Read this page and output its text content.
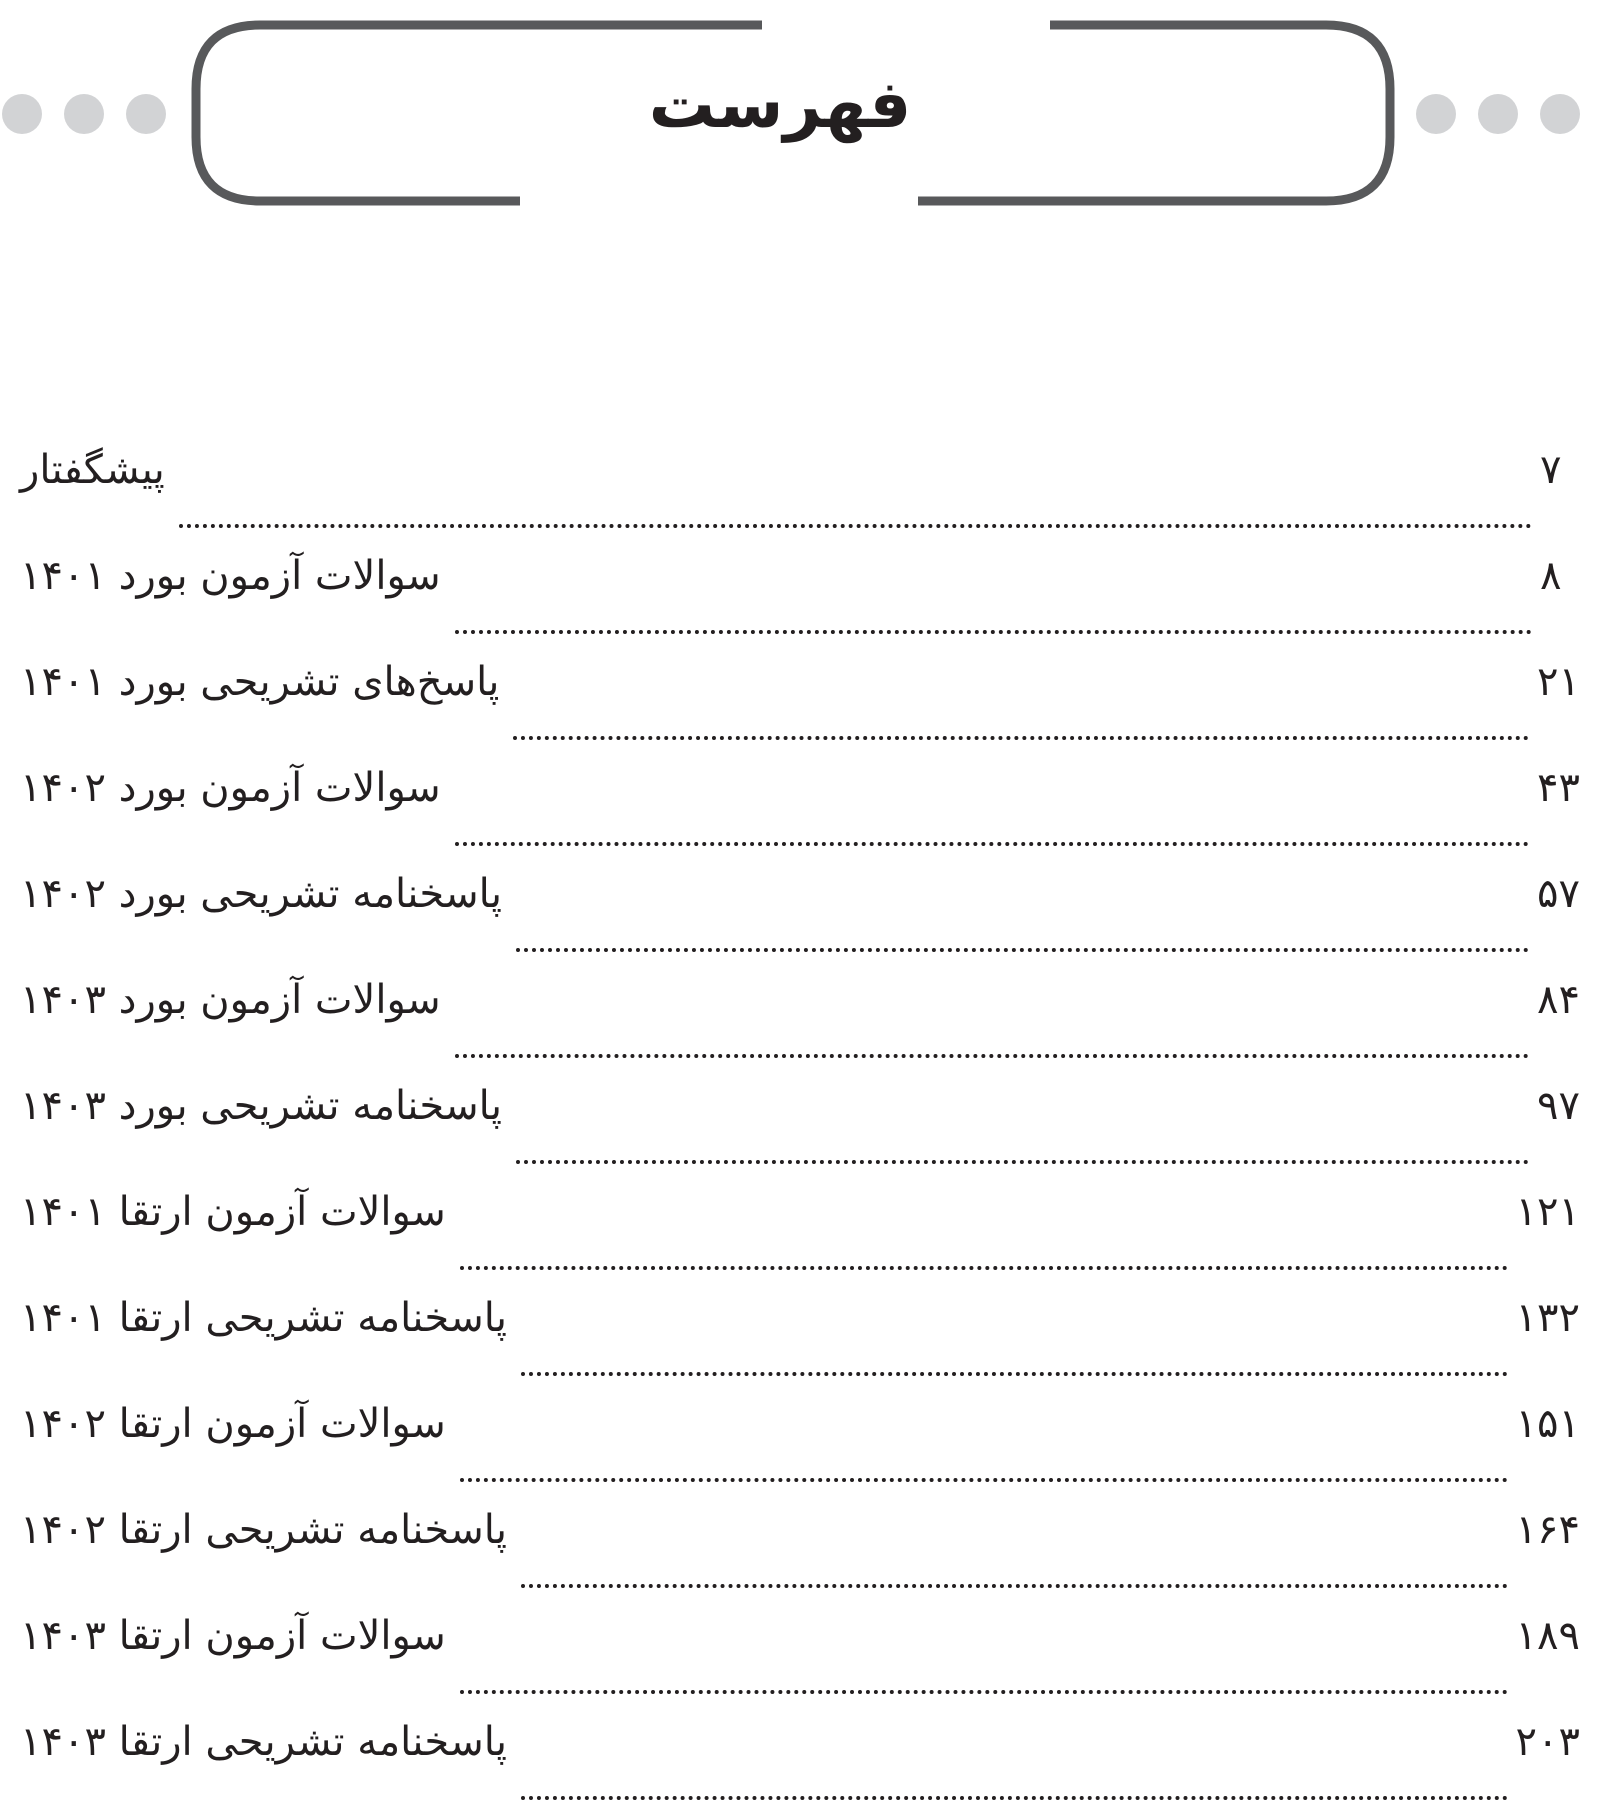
فهرست
پیشگفتار	۷
سوالات آزمون بورد ۱۴۰۱	۸
پاسخ‌های تشریحی بورد ۱۴۰۱	۲۱
سوالات آزمون بورد ۱۴۰۲	۴۳
پاسخنامه تشریحی بورد ۱۴۰۲	۵۷
سوالات آزمون بورد ۱۴۰۳	۸۴
پاسخنامه تشریحی بورد ۱۴۰۳	۹۷
سوالات آزمون ارتقا ۱۴۰۱	۱۲۱
پاسخنامه تشریحی ارتقا ۱۴۰۱	۱۳۲
سوالات آزمون ارتقا ۱۴۰۲	۱۵۱
پاسخنامه تشریحی ارتقا ۱۴۰۲	۱۶۴
سوالات آزمون ارتقا ۱۴۰۳	۱۸۹
پاسخنامه تشریحی ارتقا ۱۴۰۳	۲۰۳
